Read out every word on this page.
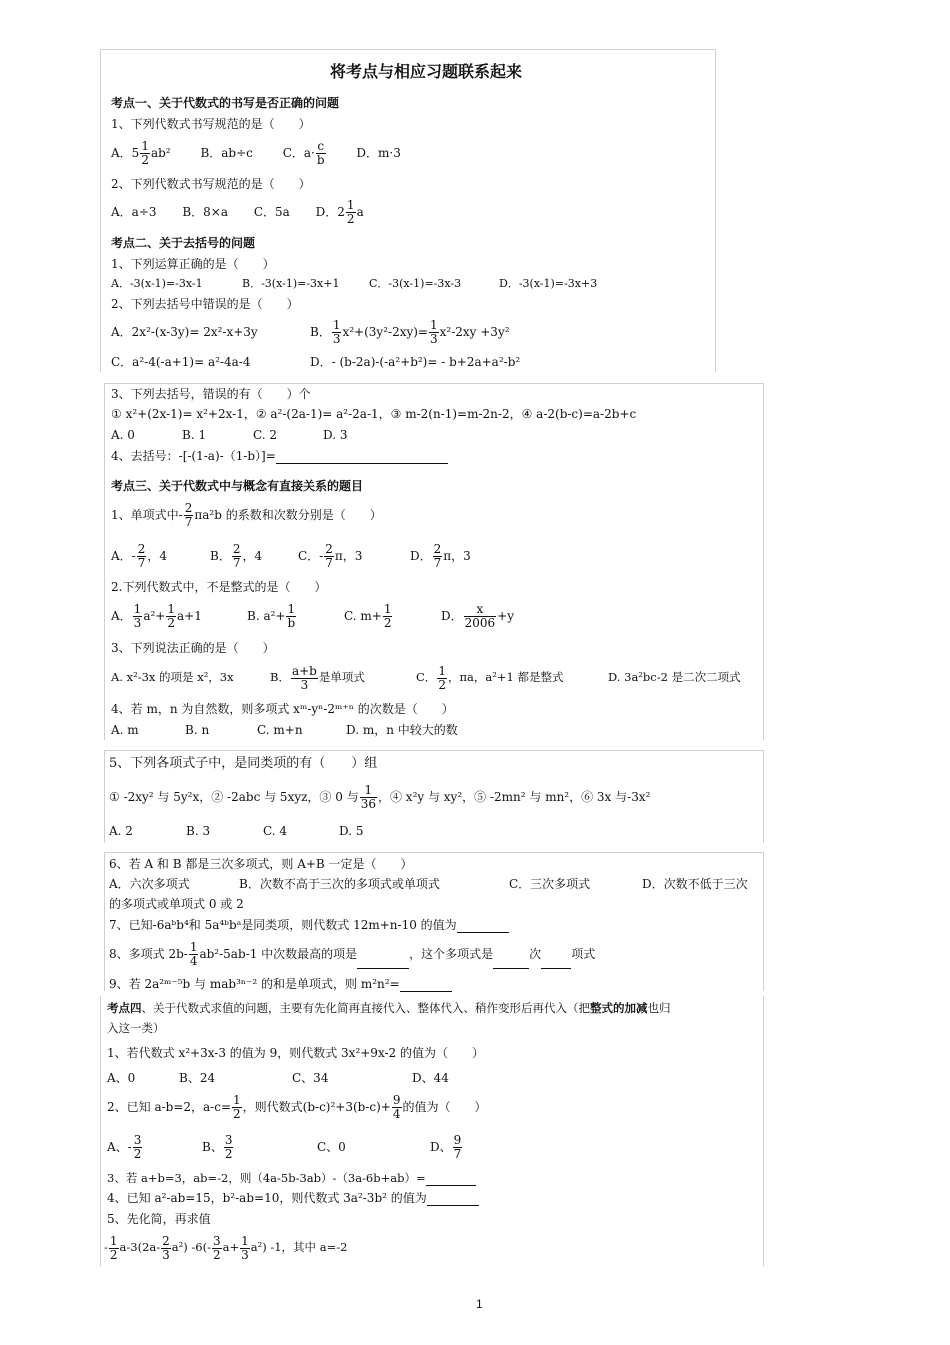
将考点与相应习题联系起来
考点一、关于代数式的书写是否正确的问题
1、下列代数式书写规范的是（　　）
A．$5 \frac{1}{2} ab^2$ B．ab÷c C．$a\cdot \frac{c}{b}$	D．m·3
2、下列代数式书写规范的是（　　）
A．a÷3 B．8×a C．5a D．$2 \frac{1}{2}$ a
考点二、关于去括号的问题
1、下列运算正确的是（　　）
A．-3(x-1)=-3x-1	B．-3(x-1)=-3x+1	C．-3(x-1)=-3x-3	D．-3(x-1)=-3x+3
2、下列去括号中错误的是（　　）
A．2x²-(x-3y)= 2x²-x+3y	B． $\frac{1}{3} x^2+(3y^2-2xy)= \frac{1}{3} x^2-2xy +3y^2$
C．a²-4(-a+1)= a²-4a-4	D．- (b-2a)-(-a²+b²)= - b+2a+a²-b²
3、下列去括号，错误的有（　　）个
① x²+(2x-1)= x²+2x-1，② a²-(2a-1)= a²-2a-1，③ m-2(n-1)=m-2n-2，④ a-2(b-c)=a-2b+c
A. 0	B. 1	C. 2	D. 3
4、去括号：-[-(1-a)-（1-b）]=
考点三、关于代数式中与概念有直接关系的题目
1、单项式中- $\frac{2}{7} \pi a^2b$ 的系数和次数分别是（　　）
A．- $\frac{2}{7}$ ，4	B． $\frac{2}{7}$ ，4	C．- $\frac{2}{7}$ π，3	D． $\frac{2}{7}$ π，3
2.下列代数式中，不是整式的是（　　）
A． $\frac{1}{3} a^2+ \frac{1}{2} a+1$	B. $a^2+ \frac{1}{b}$	C. $m+ \frac{1}{2}$	D． $\frac{x}{2006} +y$
3、下列说法正确的是（　　）
A. x²-3x 的项是 x²，3x	B． $\frac{a+b}{3}$ 是单项式	C． $\frac{1}{2}$ ，πa，a²+1 都是整式	D. 3a²bc-2 是二次二项式
4、若 m，n 为自然数，则多项式 xᵐ-yⁿ-2ᵐ⁺ⁿ 的次数是（　　）
A. m	B. n	C. m+n	D. m，n 中较大的数
5、下列各项式子中，是同类项的有（　　）组
① -2xy² 与 5y²x，② -2abc 与 5xyz，③ 0 与 $\frac{1}{36}$ ，④ x²y 与 xy²，⑤ -2mn² 与 mn²，⑥ 3x 与-3x²
A. 2	B. 3	C. 4	D. 5
6、若 A 和 B 都是三次多项式，则 A+B 一定是（　　）
A．六次多项式	B．次数不高于三次的多项式或单项式	C．三次多项式	D．次数不低于三次
的多项式或单项式 0 或 2
7、已知-6aᵇb⁴和 5a⁴ᵇbᵃ是同类项，则代数式 12m+n-10 的值为
8、多项式 $2b- \frac{1}{4} ab^2-5ab-1$ 中次数最高的项是	，这个多项式是	次	项式
9、若 2a²ᵐ⁻⁵b 与 mab³ⁿ⁻² 的和是单项式，则 m²n²=
考点四、关于代数式求值的问题，主要有先化简再直接代入、整体代入、稍作变形后再代入（把整式的加减也归
入这一类）
1、若代数式 x²+3x-3 的值为 9，则代数式 3x²+9x-2 的值为（　　）
A、0	B、24	C、34	D、44
2、已知 a-b=2，$a-c= \frac{1}{2}$ ，则代数式$(b-c)^2+3(b-c)+ \frac{9}{4}$ 的值为（　　）
A、- $\frac{3}{2}$	B、 $\frac{3}{2}$	C、0	D、 $\frac{9}{7}$
3、若 a+b=3，ab=-2，则（4a-5b-3ab）-（3a-6b+ab）=
4、已知 a²-ab=15，b²-ab=10，则代数式 3a²-3b² 的值为
5、先化简，再求值
- $\frac{1}{2} a-3(2a- \frac{2}{3} a^2)$ $-6(- \frac{3}{2} a+ \frac{1}{3} a^2)$ -1，其中 a=-2
1
